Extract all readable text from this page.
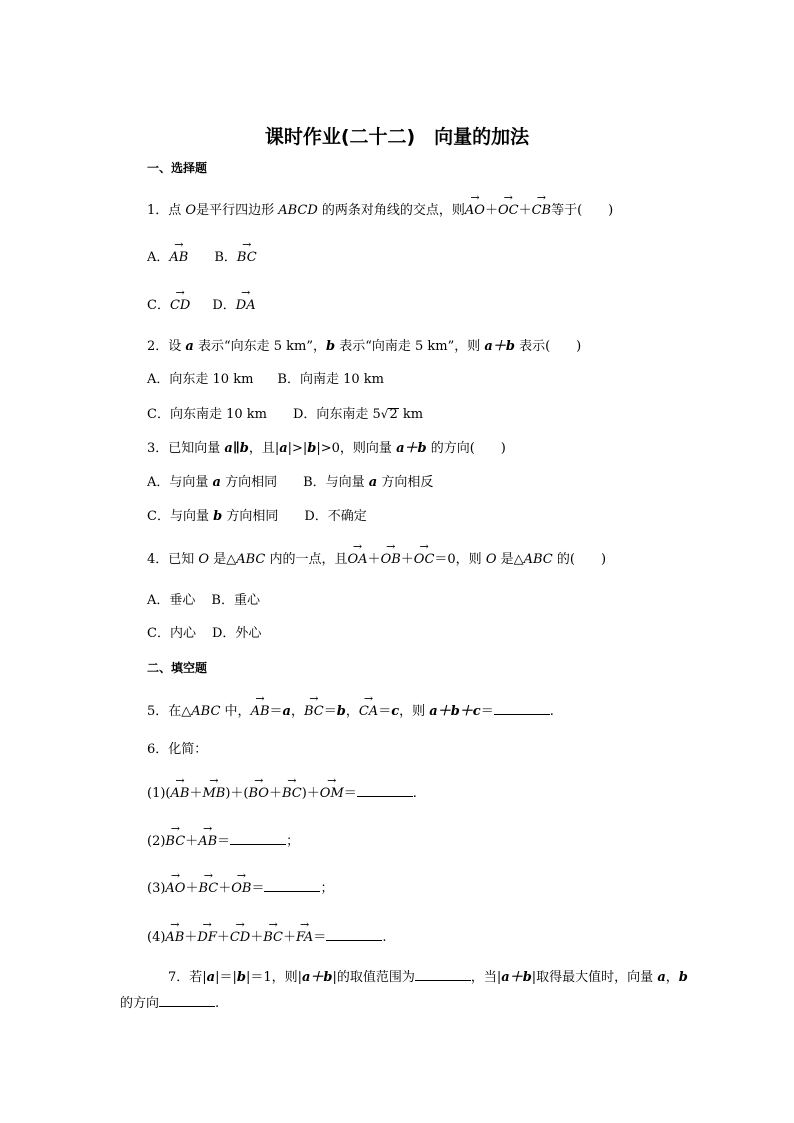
课时作业(二十二)　向量的加法
一、选择题
1．点 O是平行四边形 ABCD 的两条对角线的交点，则→ AO＋→ OC＋→ CB等于(　　)
A．→ AB B．→ BC
C．→ CD D．→ DA
2．设 a 表示“向东走 5 km”，b 表示“向南走 5 km”，则 a＋b 表示(　　)
A．向东走 10 km B．向南走 10 km
C．向东南走 10 km D．向东南走 5√2 km
3．已知向量 a∥b，且|a|>|b|>0，则向量 a＋b 的方向(　　)
A．与向量 a 方向相同 B．与向量 a 方向相反
C．与向量 b 方向相同 D．不确定
4．已知 O 是△ABC 内的一点，且→ OA＋→ OB＋→ OC＝0，则 O 是△ABC 的(　　)
A．垂心 B．重心
C．内心 D．外心
二、填空题
5．在△ABC 中，→ AB＝a，→ BC＝b，→ CA＝c，则 a＋b＋c＝	.
6．化简：
(1)(→ AB＋→ MB)＋(→ BO＋→ BC)＋→ OM＝	.
(2)→ BC＋→ AB＝	；
(3)→ AO＋→ BC＋→ OB＝	；
(4)→ AB＋→ DF＋→ CD＋→ BC＋→ FA＝	.
7．若|a|＝|b|＝1，则|a＋b|的取值范围为	，当|a＋b|取得最大值时，向量 a，b
的方向	.
